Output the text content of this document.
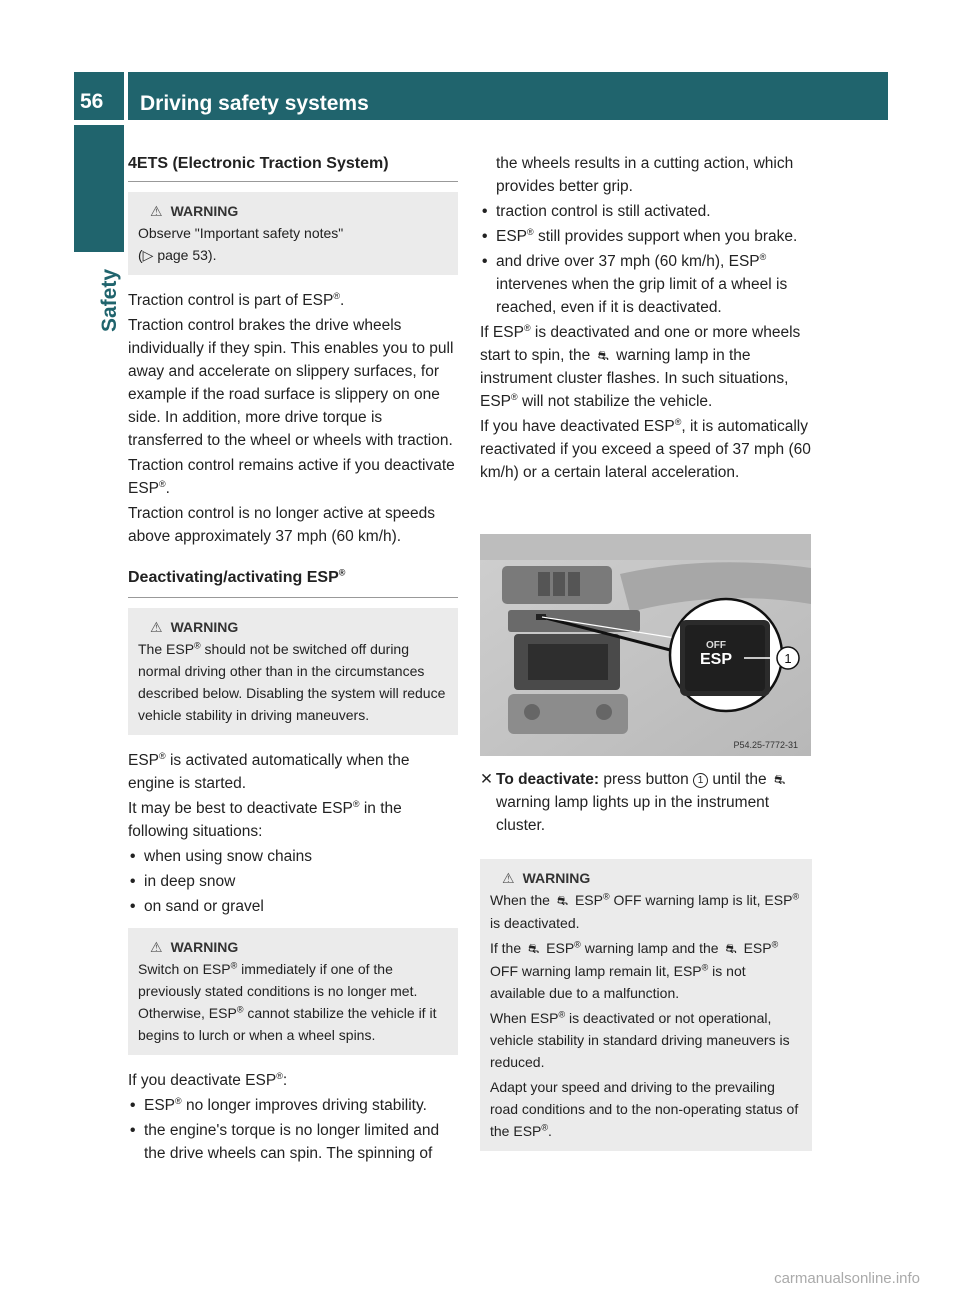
56	Driving safety systems
Safety

4ETS (Electronic Traction System)

⚠ WARNING
Observe "Important safety notes"
(▷ page 53).

Traction control is part of ESP®.

Traction control brakes the drive wheels individually if they spin. This enables you to pull away and accelerate on slippery surfaces, for example if the road surface is slippery on one side. In addition, more drive torque is transferred to the wheel or wheels with traction.

Traction control remains active if you deactivate ESP®.

Traction control is no longer active at speeds above approximately 37 mph (60 km/h).

Deactivating/activating ESP®

⚠ WARNING
The ESP® should not be switched off during normal driving other than in the circumstances described below. Disabling the system will reduce vehicle stability in driving maneuvers.

ESP® is activated automatically when the engine is started.

It may be best to deactivate ESP® in the following situations:

• when using snow chains

• in deep snow

• on sand or gravel

⚠ WARNING
Switch on ESP® immediately if one of the previously stated conditions is no longer met. Otherwise, ESP® cannot stabilize the vehicle if it begins to lurch or when a wheel spins.

If you deactivate ESP®:

• ESP® no longer improves driving stability.

• the engine's torque is no longer limited and the drive wheels can spin. The spinning of

the wheels results in a cutting action, which provides better grip.

• traction control is still activated.

• ESP® still provides support when you brake.

• and drive over 37 mph (60 km/h), ESP® intervenes when the grip limit of a wheel is reached, even if it is deactivated.

If ESP® is deactivated and one or more wheels start to spin, the ⛐ warning lamp in the instrument cluster flashes. In such situations, ESP® will not stabilize the vehicle.

If you have deactivated ESP®, it is automatically reactivated if you exceed a speed of 37 mph (60 km/h) or a certain lateral acceleration.

OFF
ESP	1
P54.25-7772-31

✕ To deactivate: press button 1 until the ⛐ warning lamp lights up in the instrument cluster.

⚠ WARNING
When the ⛐ ESP® OFF warning lamp is lit, ESP® is deactivated.
If the ⛐ ESP® warning lamp and the ⛐ ESP® OFF warning lamp remain lit, ESP® is not available due to a malfunction.
When ESP® is deactivated or not operational, vehicle stability in standard driving maneuvers is reduced.
Adapt your speed and driving to the prevailing road conditions and to the non-operating status of the ESP®.
carmanualsonline.info
